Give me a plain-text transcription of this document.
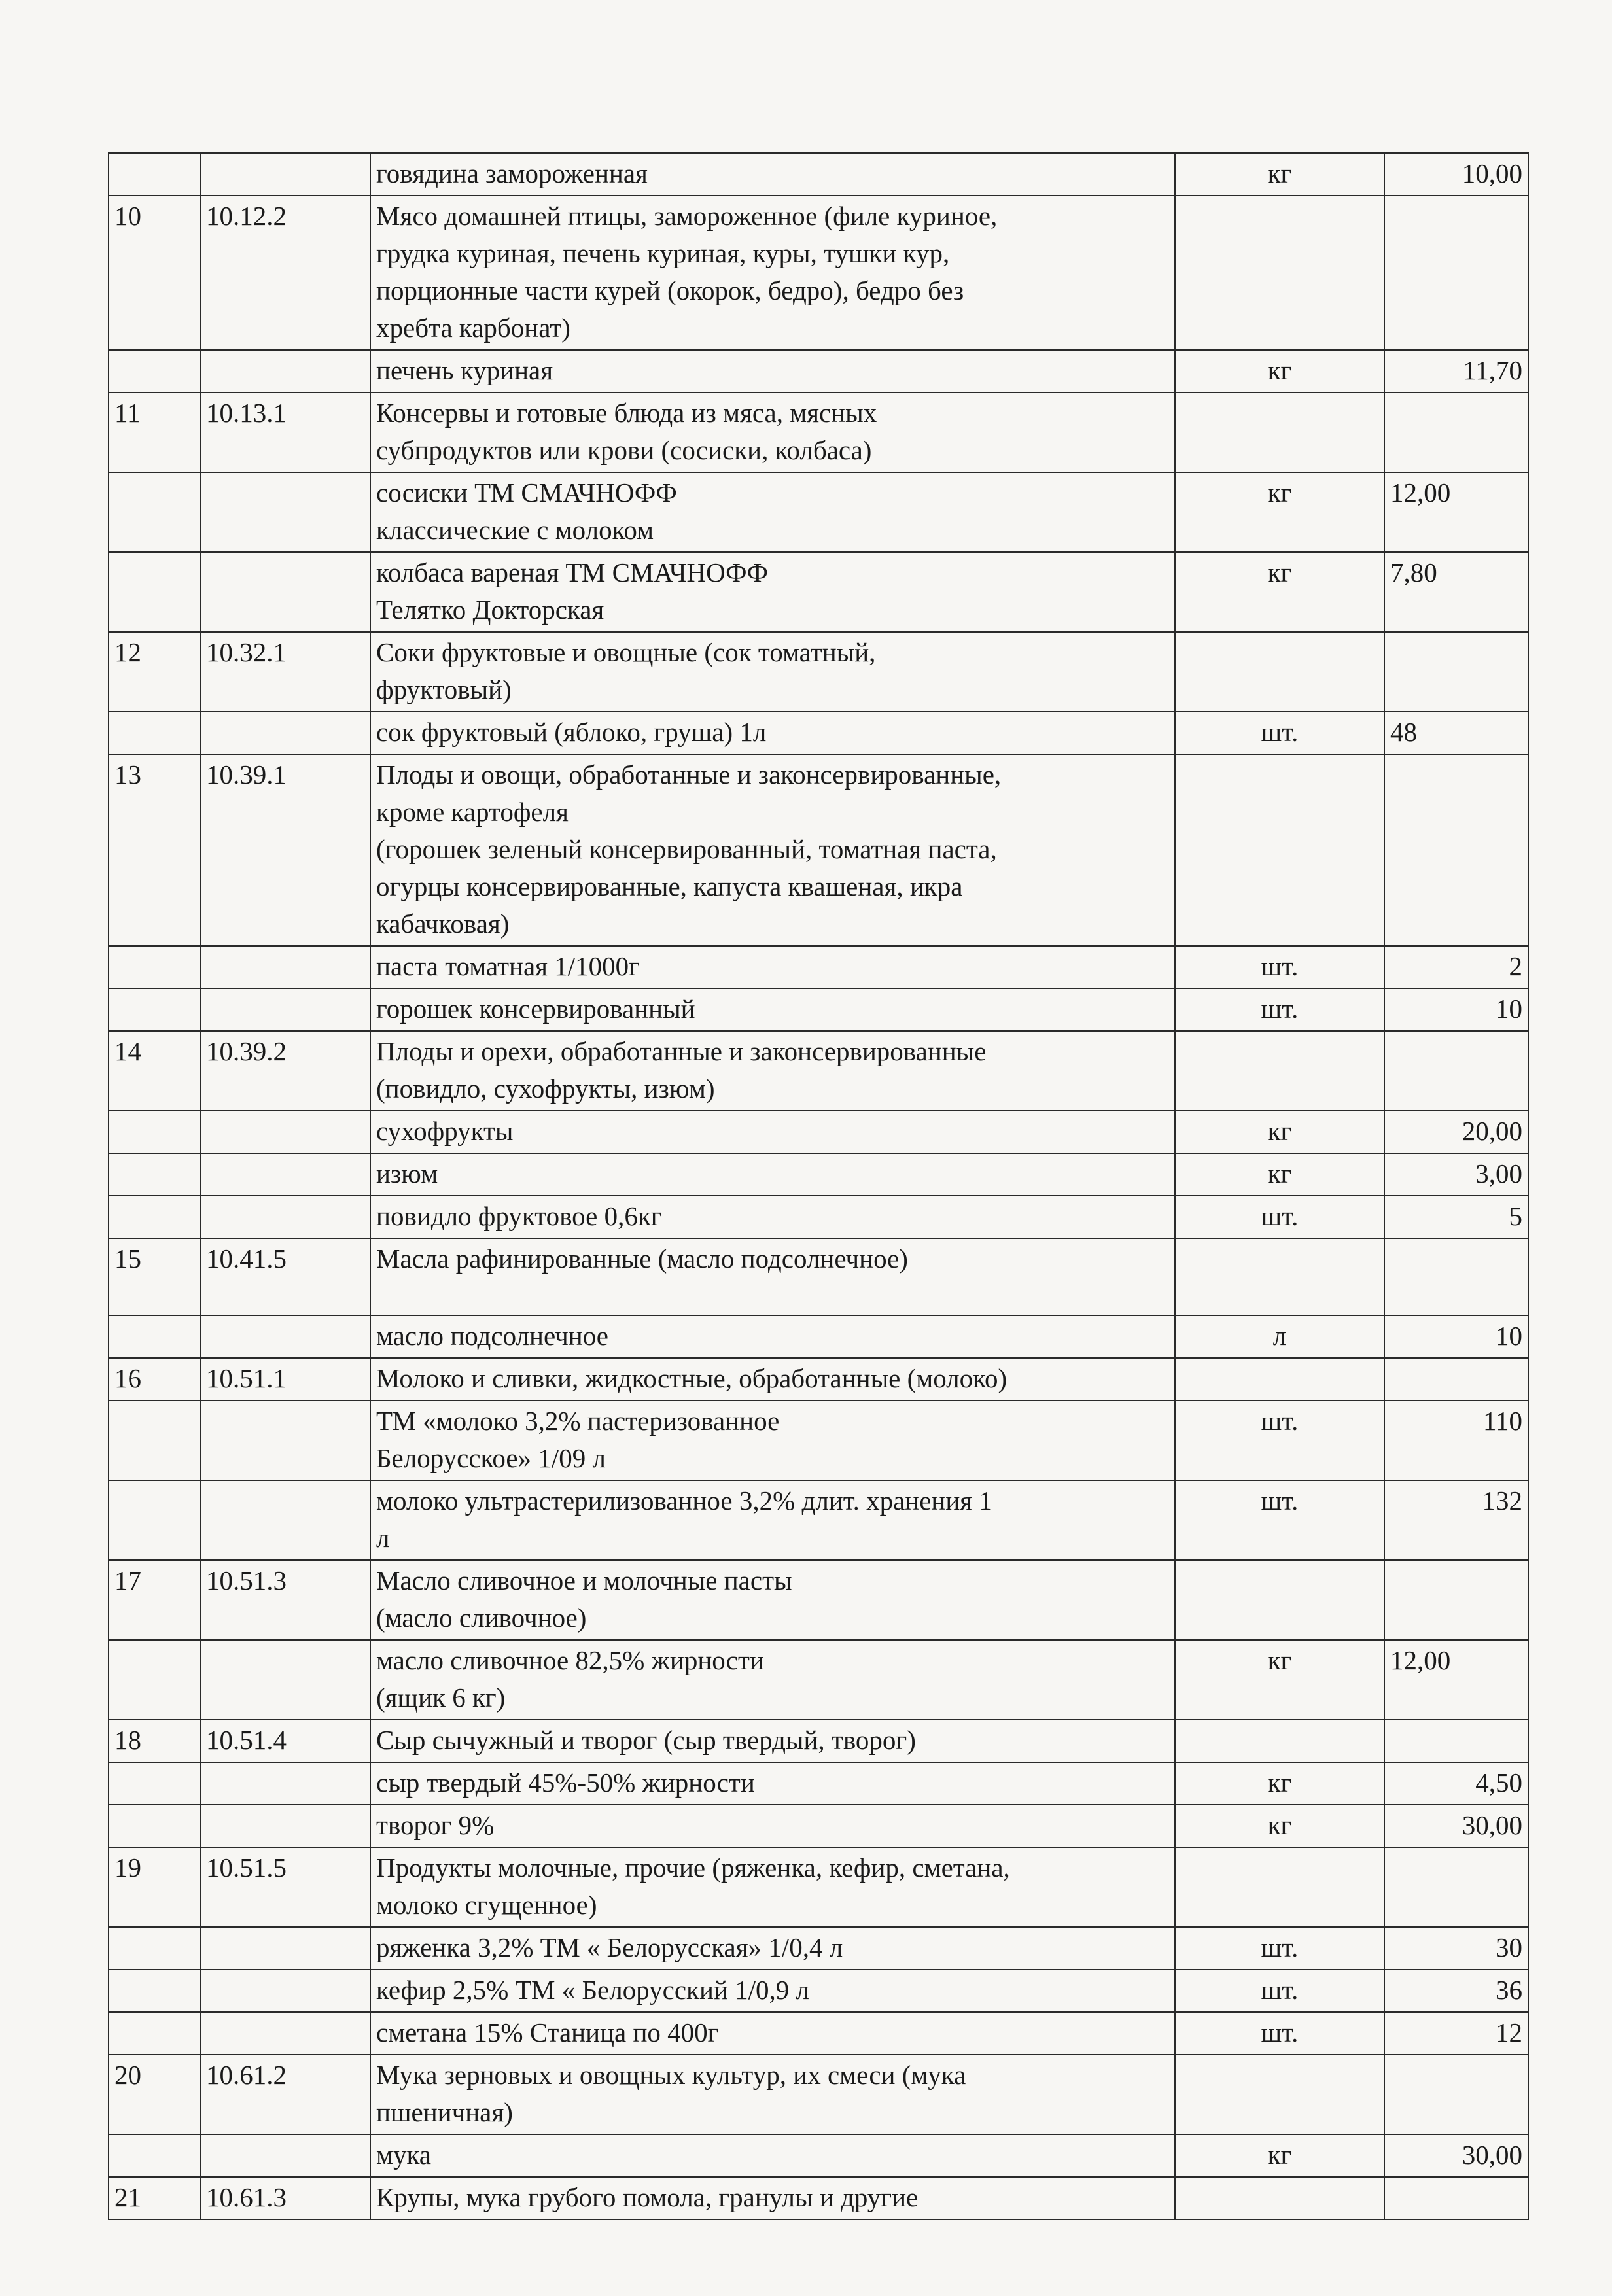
		говядина замороженная	кг	10,00
10	10.12.2	Мясо домашней птицы, замороженное (филе куриное,
грудка куриная, печень куриная, куры, тушки кур,
порционные части курей (окорок, бедро), бедро без
хребта карбонат)		
		печень куриная	кг	11,70
11	10.13.1	Консервы и готовые блюда из мяса, мясных
субпродуктов или крови (сосиски, колбаса)		
		сосиски ТМ СМАЧНОФФ
классические с молоком	кг	12,00
		колбаса вареная ТМ СМАЧНОФФ
Телятко Докторская	кг	7,80
12	10.32.1	Соки фруктовые и овощные (сок томатный,
фруктовый)		
		сок фруктовый (яблоко, груша) 1л	шт.	48
13	10.39.1	Плоды и овощи, обработанные и законсервированные,
кроме картофеля
(горошек зеленый консервированный, томатная паста,
огурцы консервированные, капуста квашеная, икра
кабачковая)		
		паста томатная 1/1000г	шт.	2
		горошек консервированный	шт.	10
14	10.39.2	Плоды и орехи, обработанные и законсервированные
(повидло, сухофрукты, изюм)		
		сухофрукты	кг	20,00
		изюм	кг	3,00
		повидло фруктовое 0,6кг	шт.	5
15	10.41.5	Масла рафинированные (масло подсолнечное)		
		масло подсолнечное	л	10
16	10.51.1	Молоко и сливки, жидкостные, обработанные (молоко)		
		ТМ «молоко 3,2% пастеризованное
Белорусское» 1/09 л	шт.	110
		молоко ультрастерилизованное 3,2% длит. хранения 1
л	шт.	132
17	10.51.3	Масло сливочное и молочные пасты
(масло сливочное)		
		масло сливочное 82,5% жирности
(ящик 6 кг)	кг	12,00
18	10.51.4	Сыр сычужный и творог (сыр твердый, творог)		
		сыр твердый 45%-50% жирности	кг	4,50
		творог 9%	кг	30,00
19	10.51.5	Продукты молочные, прочие (ряженка, кефир, сметана,
молоко сгущенное)		
		ряженка 3,2% ТМ « Белорусская» 1/0,4 л	шт.	30
		кефир 2,5% ТМ « Белорусский 1/0,9 л	шт.	36
		сметана 15% Станица по 400г	шт.	12
20	10.61.2	Мука зерновых и овощных культур, их смеси (мука
пшеничная)		
		мука	кг	30,00
21	10.61.3	Крупы, мука грубого помола, гранулы и другие		
